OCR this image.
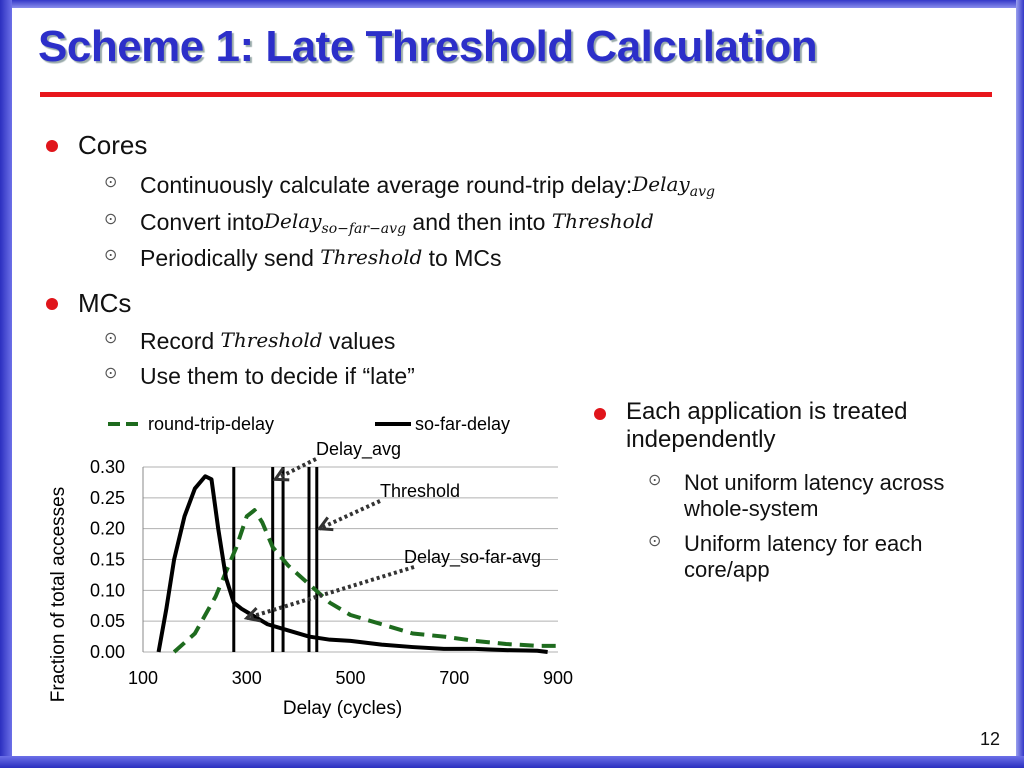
Scheme 1: Late Threshold Calculation
Cores
⊙ Continuously calculate average round-trip delay: Delay$_{avg}$
⊙ Convert into Delay$_{so-far-avg}$ and then into Threshold
⊙ Periodically send Threshold to MCs
MCs
⊙ Record Threshold values
⊙ Use them to decide if “late”
Each application is treated independently
⊙	Not uniform latency across whole-system
⊙	Uniform latency for each core/app
0.00
0.05
0.10
0.15
0.20
0.25
0.30
100	300	500	700	900
Delay (cycles)
Fraction of total accesses
Delay_avg
Threshold
Delay_so-far-avg
round-trip-delay	so-far-delay
12
